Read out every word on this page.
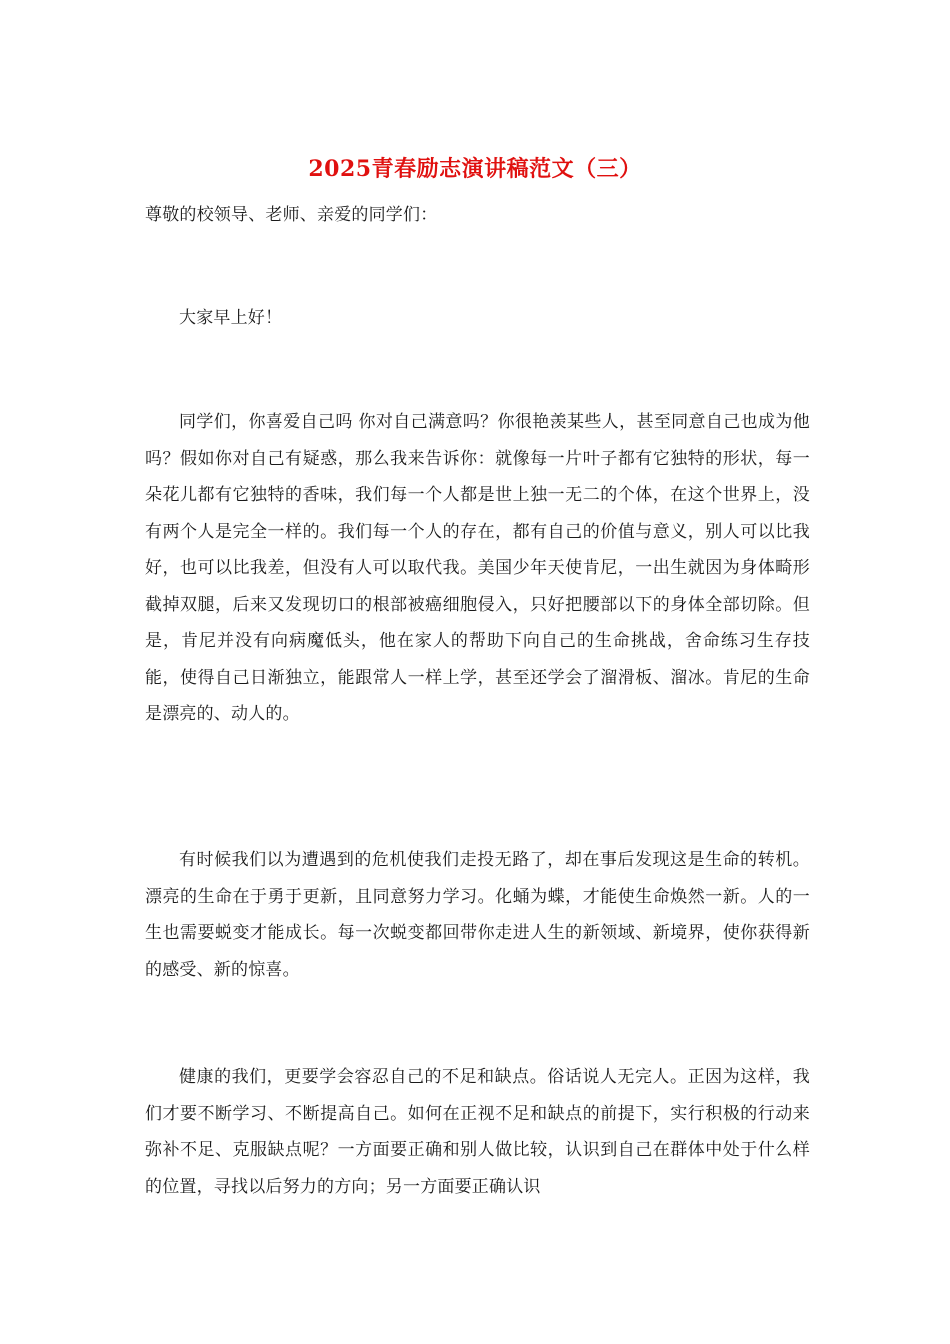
2025青春励志演讲稿范文（三）
尊敬的校领导、老师、亲爱的同学们：
大家早上好！
同学们，你喜爱自己吗 你对自己满意吗？你很艳羡某些人，甚至同意自己也成为他吗？假如你对自己有疑惑，那么我来告诉你：就像每一片叶子都有它独特的形状，每一朵花儿都有它独特的香味，我们每一个人都是世上独一无二的个体，在这个世界上，没有两个人是完全一样的。我们每一个人的存在，都有自己的价值与意义，别人可以比我好，也可以比我差，但没有人可以取代我。美国少年天使肯尼，一出生就因为身体畸形截掉双腿，后来又发现切口的根部被癌细胞侵入，只好把腰部以下的身体全部切除。但是，肯尼并没有向病魔低头，他在家人的帮助下向自己的生命挑战，舍命练习生存技能，使得自己日渐独立，能跟常人一样上学，甚至还学会了溜滑板、溜冰。肯尼的生命是漂亮的、动人的。
有时候我们以为遭遇到的危机使我们走投无路了，却在事后发现这是生命的转机。漂亮的生命在于勇于更新，且同意努力学习。化蛹为蝶，才能使生命焕然一新。人的一生也需要蜕变才能成长。每一次蜕变都回带你走进人生的新领域、新境界，使你获得新的感受、新的惊喜。
健康的我们，更要学会容忍自己的不足和缺点。俗话说人无完人。正因为这样，我们才要不断学习、不断提高自己。如何在正视不足和缺点的前提下，实行积极的行动来弥补不足、克服缺点呢？一方面要正确和别人做比较，认识到自己在群体中处于什么样的位置，寻找以后努力的方向；另一方面要正确认识
